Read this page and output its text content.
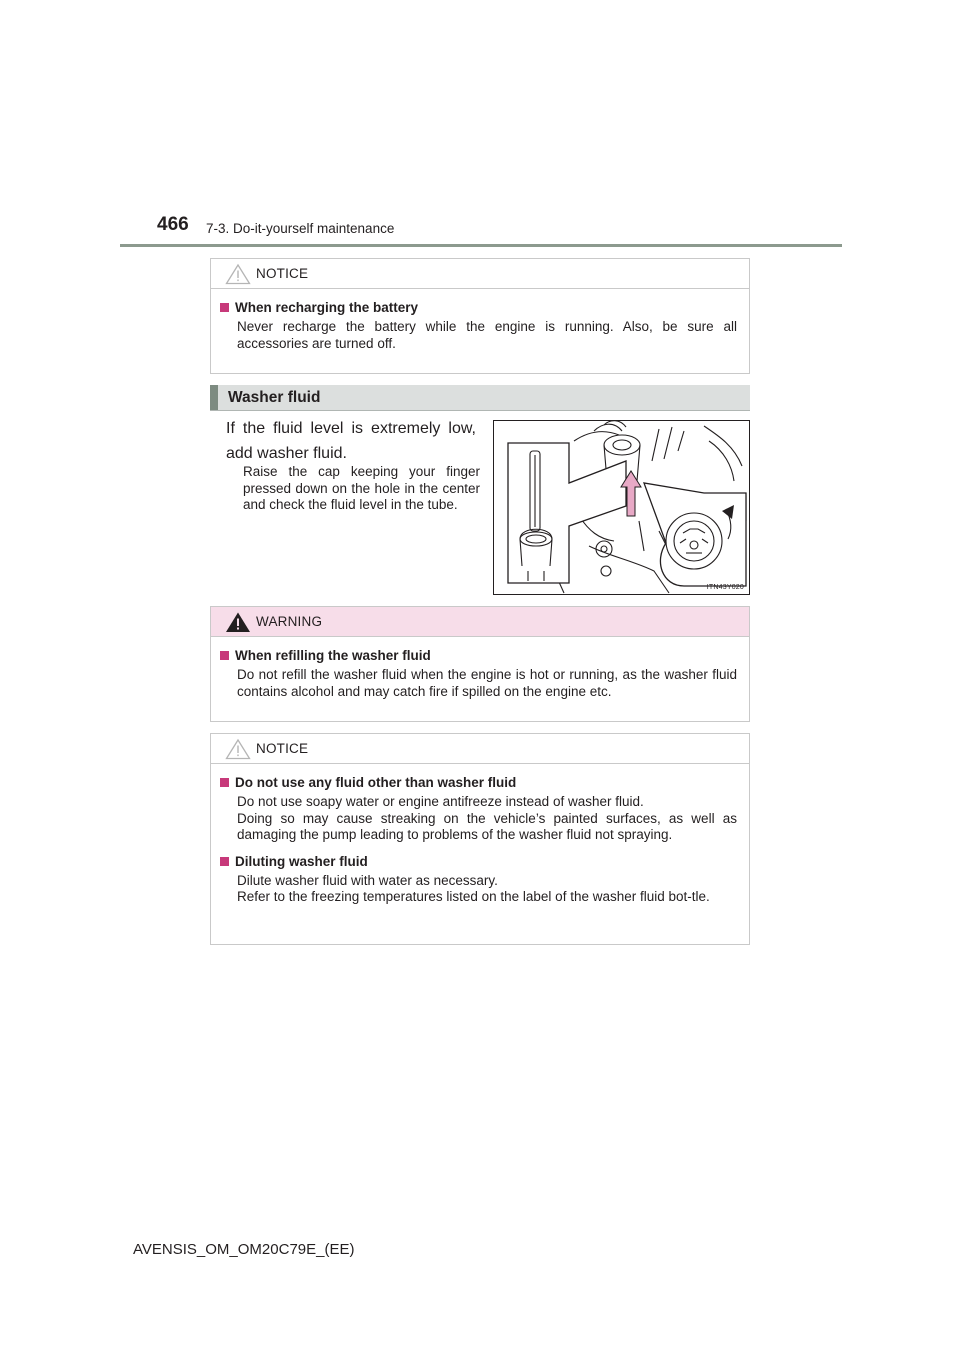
466 7-3. Do-it-yourself maintenance
NOTICE

When recharging the battery

Never recharge the battery while the engine is running. Also, be sure all accessories are turned off.

Washer fluid

If the fluid level is extremely low, add washer fluid.

Raise the cap keeping your finger pressed down on the hole in the center and check the fluid level in the tube.

ITN43Y020
WARNING

When refilling the washer fluid

Do not refill the washer fluid when the engine is hot or running, as the washer fluid contains alcohol and may catch fire if spilled on the engine etc.

NOTICE

Do not use any fluid other than washer fluid

Do not use soapy water or engine antifreeze instead of washer fluid.

Doing so may cause streaking on the vehicle’s painted surfaces, as well as damaging the pump leading to problems of the washer fluid not spraying.

Diluting washer fluid

Dilute washer fluid with water as necessary.

Refer to the freezing temperatures listed on the label of the washer fluid bot-tle.

AVENSIS_OM_OM20C79E_(EE)
